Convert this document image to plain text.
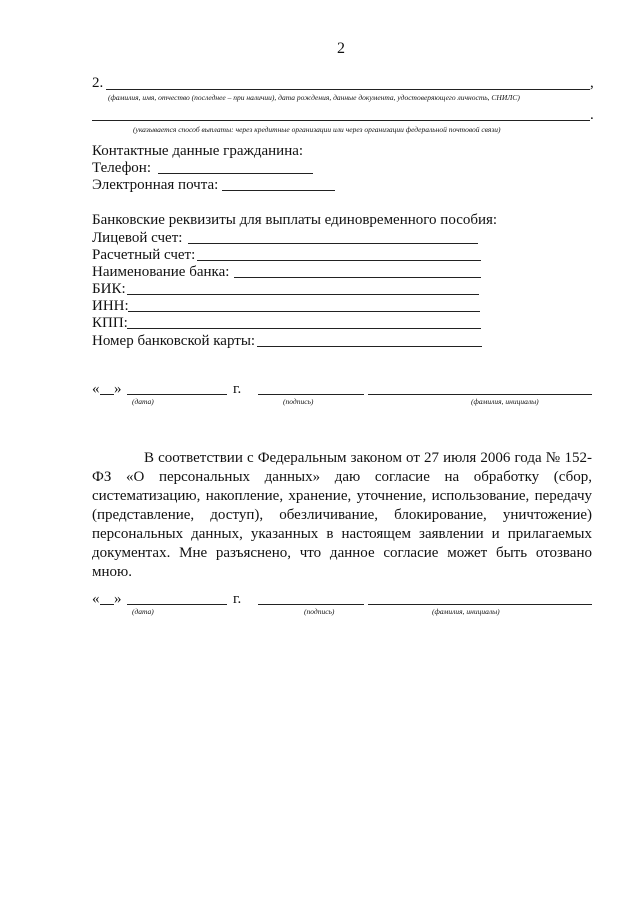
2
2.	,
(фамилия, имя, отчество (последнее – при наличии), дата рождения, данные документа, удостоверяющего личность, СНИЛС)
.
(указывается способ выплаты: через кредитные организации или через организации федеральной почтовой связи)
Контактные данные гражданина:
Телефон:
Электронная почта:
Банковские реквизиты для выплаты единовременного пособия:
Лицевой счет:
Расчетный счет:
Наименование банка:
БИК:
ИНН:
КПП:
Номер банковской карты:
« »	г.
(дата)	(подпись)	(фамилия, инициалы)
В соответствии с Федеральным законом от 27 июля 2006 года № 152-ФЗ «О персональных данных» даю согласие на обработку (сбор, систематизацию, накопление, хранение, уточнение, использование, передачу (представление, доступ), обезличивание, блокирование, уничтожение) персональных данных, указанных в настоящем заявлении и прилагаемых документах. Мне разъяснено, что данное согласие может быть отозвано мною.
« »	г.
(дата)	(подпись)	(фамилия, инициалы)
